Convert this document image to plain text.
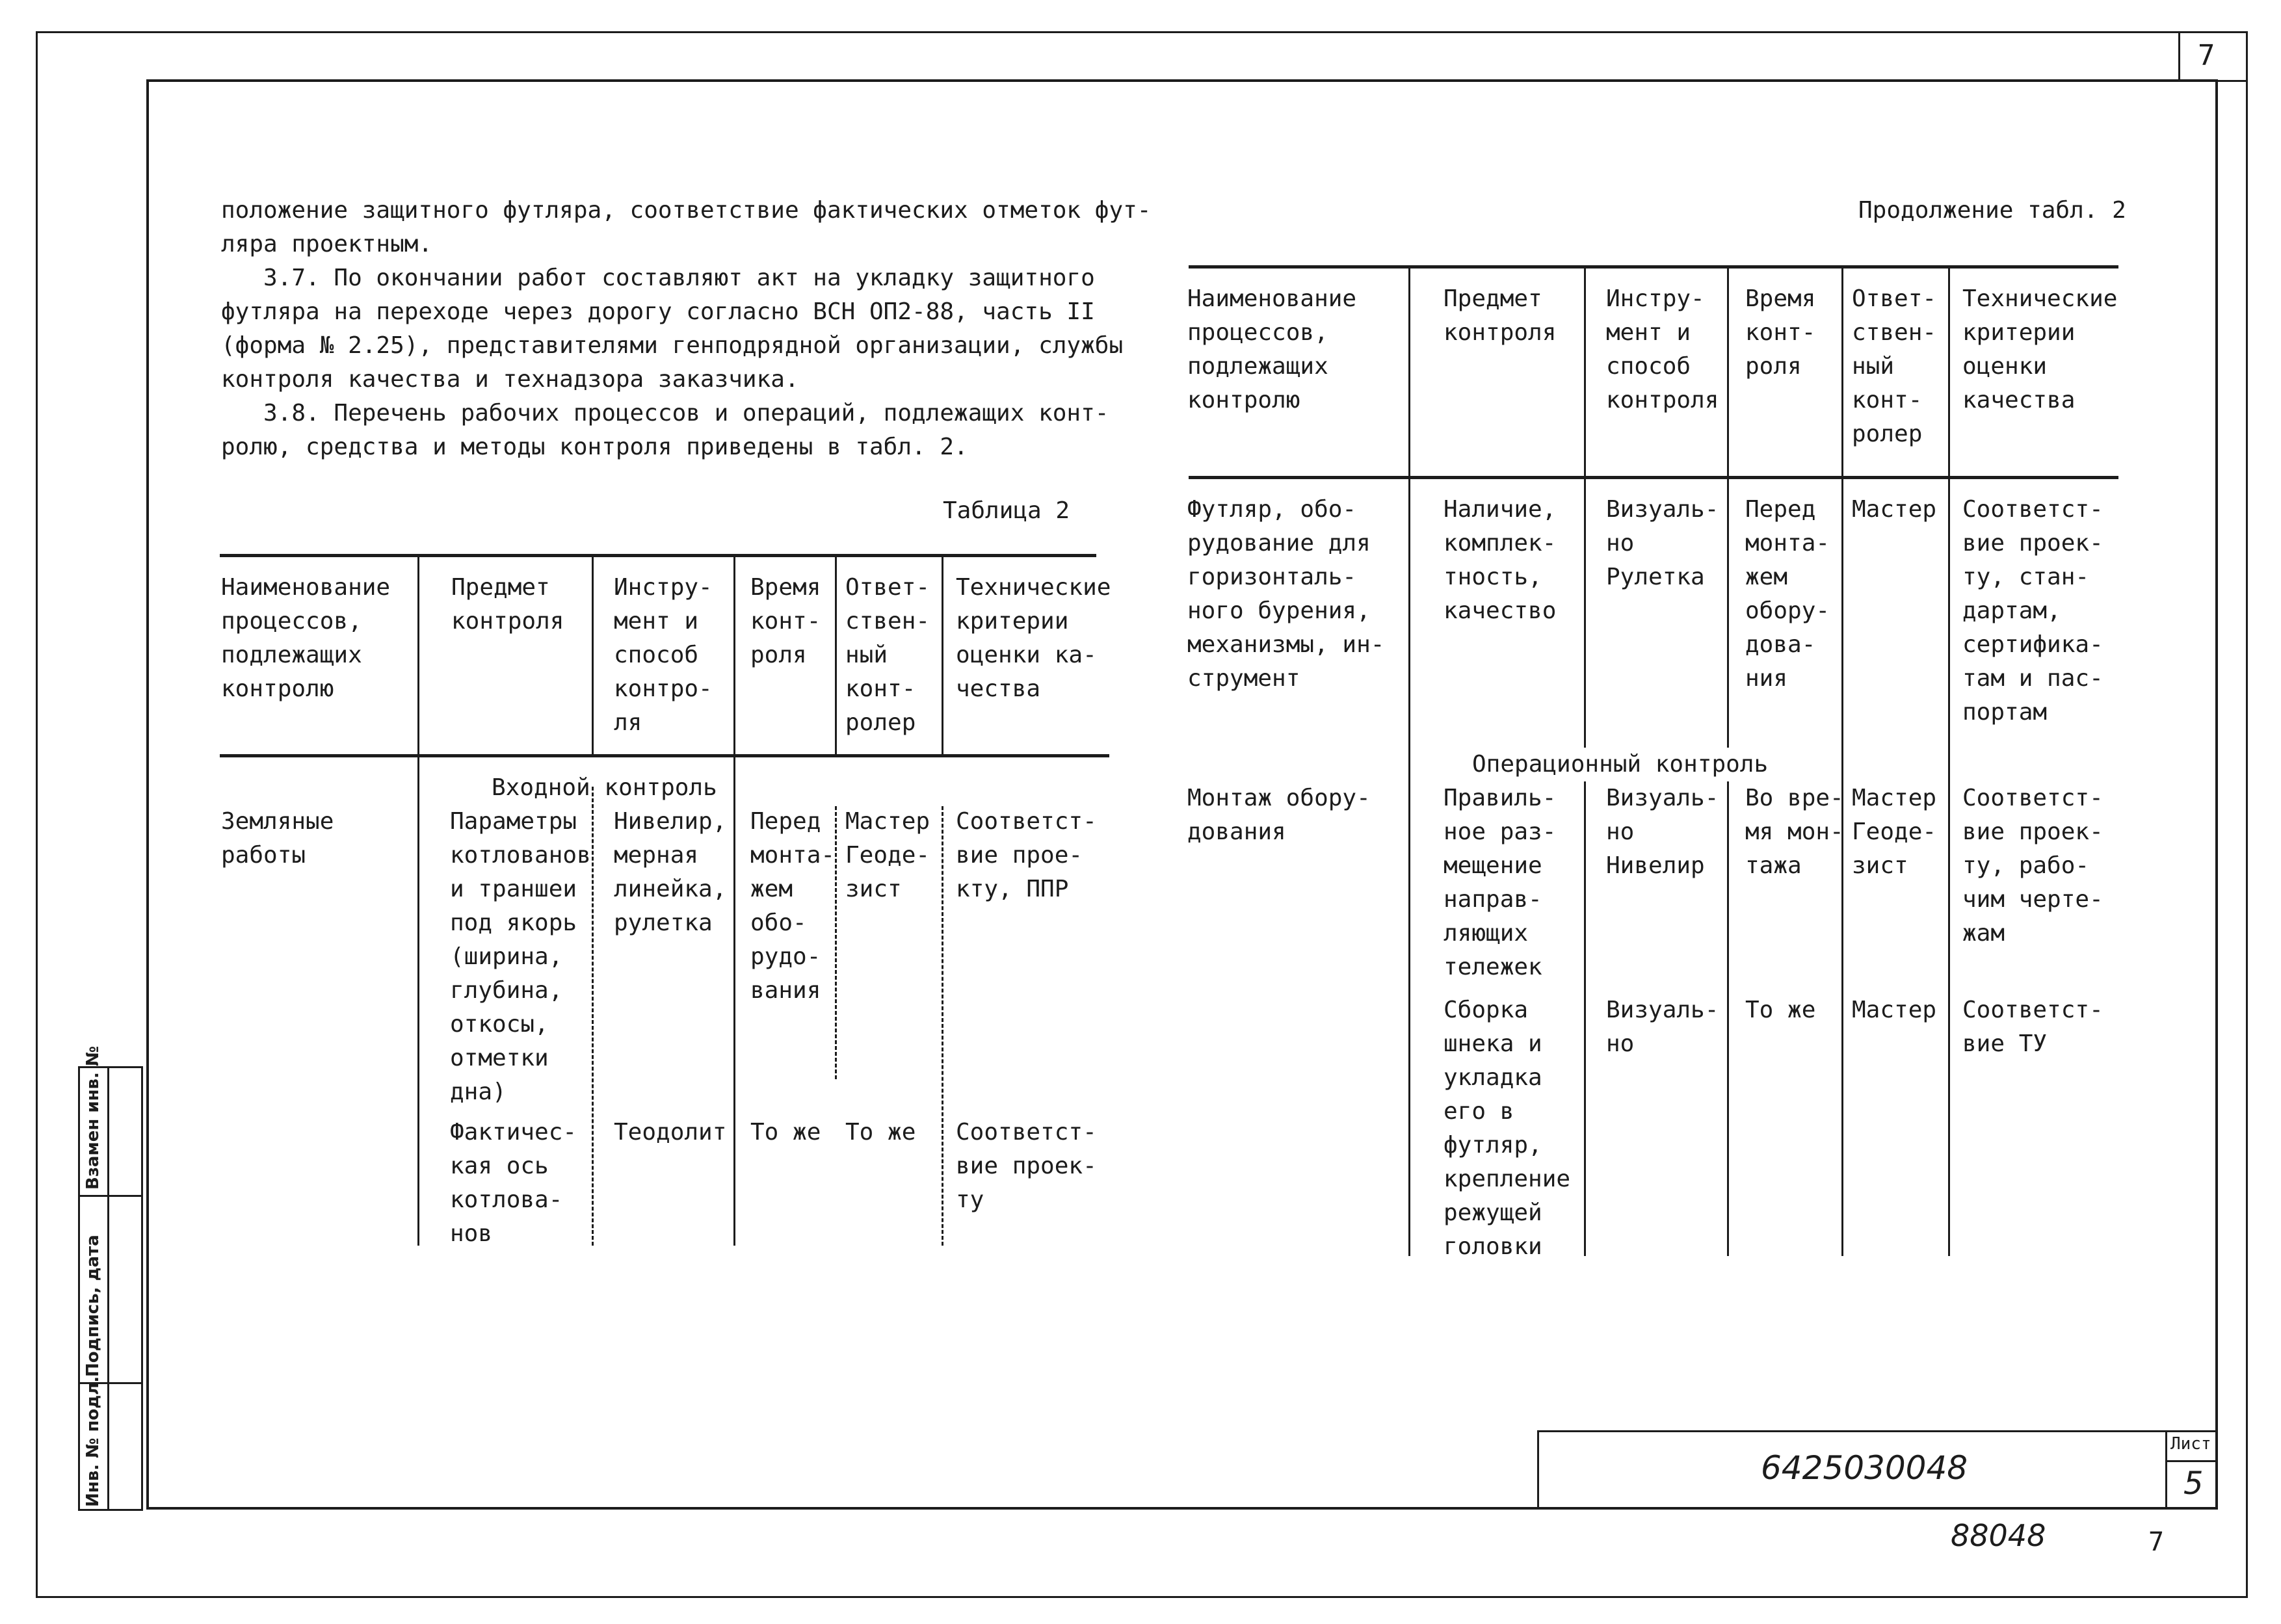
7
Взамен инв. №
Подпись, дата
Инв. № подл.
положение защитного футляра, соответствие фактических отметок фут-
ляра проектным.
3.7. По окончании работ составляют акт на укладку защитного
футляра на переходе через дорогу согласно ВСН ОП2-88, часть II
(форма № 2.25), представителями генподрядной организации, службы
контроля качества и технадзора заказчика.
3.8. Перечень рабочих процессов и операций, подлежащих конт-
ролю, средства и методы контроля приведены в табл. 2.
Таблица 2
Наименование
процессов,
подлежащих
контролю
Предмет
контроля
Инстру-
мент и
способ
контро-
ля
Время
конт-
роля
Ответ-
ствен-
ный
конт-
ролер
Технические
критерии
оценки ка-
чества
Входной контроль
Земляные
работы
Параметры
котлованов
и траншеи
под якорь
(ширина,
глубина,
откосы,
отметки
дна)
Нивелир,
мерная
линейка,
рулетка
Перед
монта-
жем
обо-
рудо-
вания
Мастер
Геоде-
зист
Соответст-
вие прое-
кту, ППР
Фактичес-
кая ось
котлова-
нов
Теодолит То же То же Соответст-
вие проек-
ту
Продолжение табл. 2
Наименование
процессов,
подлежащих
контролю
Предмет
контроля
Инстру-
мент и
способ
контроля
Время
конт-
роля
Ответ-
ствен-
ный
конт-
ролер
Технические
критерии
оценки
качества
Футляр, обо-
рудование для
горизонталь-
ного бурения,
механизмы, ин-
струмент
Наличие,
комплек-
тность,
качество
Визуаль-
но
Рулетка
Перед
монта-
жем
обору-
дова-
ния
Мастер Соответст-
вие проек-
ту, стан-
дартам,
сертифика-
там и пас-
портам
Операционный контроль
Монтаж обору-
дования
Правиль-
ное раз-
мещение
направ-
ляющих
тележек
Визуаль-
но
Нивелир
Во вре-
мя мон-
тажа
Мастер
Геоде-
зист
Соответст-
вие проек-
ту, рабо-
чим черте-
жам
Сборка
шнека и
укладка
его в
футляр,
крепление
режущей
головки
Визуаль-
но
То же Мастер Соответст-
вие ТУ
6425030048
Лист
5
88048	7
